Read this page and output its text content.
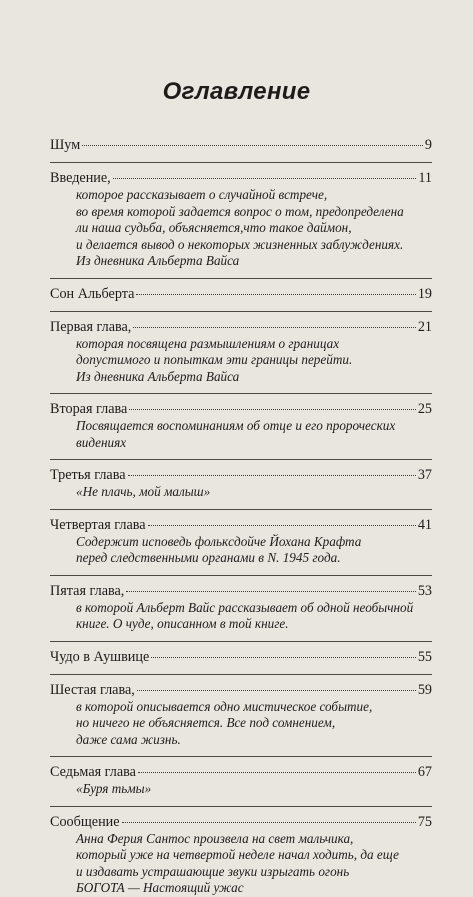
Оглавление
Шум	9
Введение,	11
которое рассказывает о случайной встрече,
во время которой задается вопрос о том, предопределена
ли наша судьба, объясняется,что такое даймон,
и делается вывод о некоторых жизненных заблуждениях.
Из дневника Альберта Вайса
Сон Альберта	19
Первая глава,	21
которая посвящена размышлениям о границах
допустимого и попыткам эти границы перейти.
Из дневника Альберта Вайса
Вторая глава	25
Посвящается воспоминаниям об отце и его пророческих
видениях
Третья глава	37
«Не плачь, мой малыш»
Четвертая глава	41
Содержит исповедь фолькcдойче Йохана Крафта
перед следственными органами в N. 1945 года.
Пятая глава,	53
в которой Альберт Вайс рассказывает об одной необычной
книге. О чуде, описанном в той книге.
Чудо в Аушвице	55
Шестая глава,	59
в которой описывается одно мистическое событие,
но ничего не объясняется. Все под сомнением,
даже сама жизнь.
Седьмая глава	67
«Буря тьмы»
Сообщение	75
Анна Ферия Сантос произвела на свет мальчика,
который уже на четвертой неделе начал ходить, да еще
и издавать устрашающие звуки изрыгать огонь
БОГОТА — Настоящий ужас
